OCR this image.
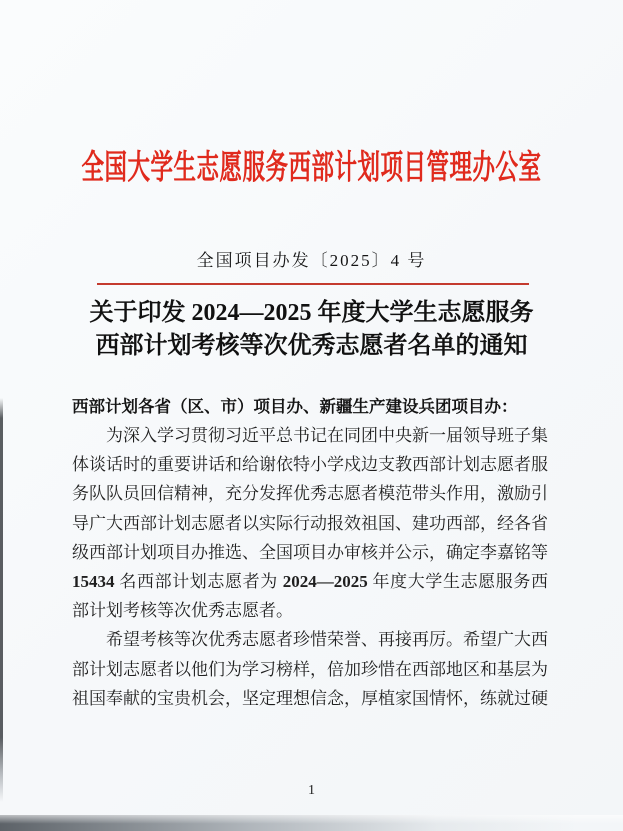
全国大学生志愿服务西部计划项目管理办公室
全国项目办发〔2025〕4 号
关于印发 2024—2025 年度大学生志愿服务
西部计划考核等次优秀志愿者名单的通知
西部计划各省（区、市）项目办、新疆生产建设兵团项目办：

为深入学习贯彻习近平总书记在同团中央新一届领导班子集体谈话时的重要讲话和给谢依特小学戍边支教西部计划志愿者服务队队员回信精神，充分发挥优秀志愿者模范带头作用，激励引导广大西部计划志愿者以实际行动报效祖国、建功西部，经各省级西部计划项目办推选、全国项目办审核并公示，确定李嘉铭等 15434 名西部计划志愿者为 2024—2025 年度大学生志愿服务西部计划考核等次优秀志愿者。

希望考核等次优秀志愿者珍惜荣誉、再接再厉。希望广大西部计划志愿者以他们为学习榜样，倍加珍惜在西部地区和基层为祖国奉献的宝贵机会，坚定理想信念，厚植家国情怀，练就过硬

1
